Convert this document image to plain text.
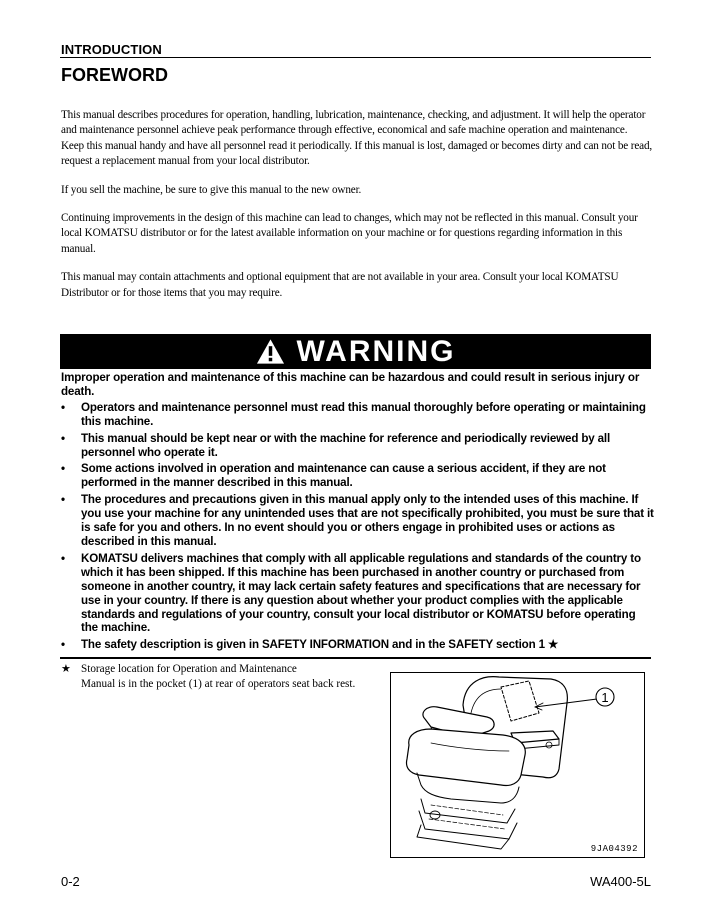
INTRODUCTION
FOREWORD

This manual describes procedures for operation, handling, lubrication, maintenance, checking, and adjustment. It will help the operator and maintenance personnel achieve peak performance through effective, economical and safe machine operation and maintenance.

Keep this manual handy and have all personnel read it periodically. If this manual is lost, damaged or becomes dirty and can not be read, request a replacement manual from your local distributor.

If you sell the machine, be sure to give this manual to the new owner.

Continuing improvements in the design of this machine can lead to changes, which may not be reflected in this manual. Consult your local KOMATSU distributor or for the latest available information on your machine or for questions regarding information in this manual.

This manual may contain attachments and optional equipment that are not available in your area. Consult your local KOMATSU Distributor or for those items that you may require.

WARNING

Improper operation and maintenance of this machine can be hazardous and could result in serious injury or death.

• Operators and maintenance personnel must read this manual thoroughly before operating or maintaining this machine.
• This manual should be kept near or with the machine for reference and periodically reviewed by all personnel who operate it.
• Some actions involved in operation and maintenance can cause a serious accident, if they are not performed in the manner described in this manual.
• The procedures and precautions given in this manual apply only to the intended uses of this machine. If you use your machine for any unintended uses that are not specifically prohibited, you must be sure that it is safe for you and others. In no event should you or others engage in prohibited uses or actions as described in this manual.
• KOMATSU delivers machines that comply with all applicable regulations and standards of the country to which it has been shipped. If this machine has been purchased in another country or purchased from someone in another country, it may lack certain safety features and specifications that are necessary for use in your country. If there is any question about whether your product complies with the applicable standards and regulations of your country, consult your local distributor or KOMATSU before operating the machine.
• The safety description is given in SAFETY INFORMATION and in the SAFETY section 1 ★
★ Storage location for Operation and Maintenance
Manual is in the pocket (1) at rear of operators seat back rest.
1
9JA04392
0-2	WA400-5L
